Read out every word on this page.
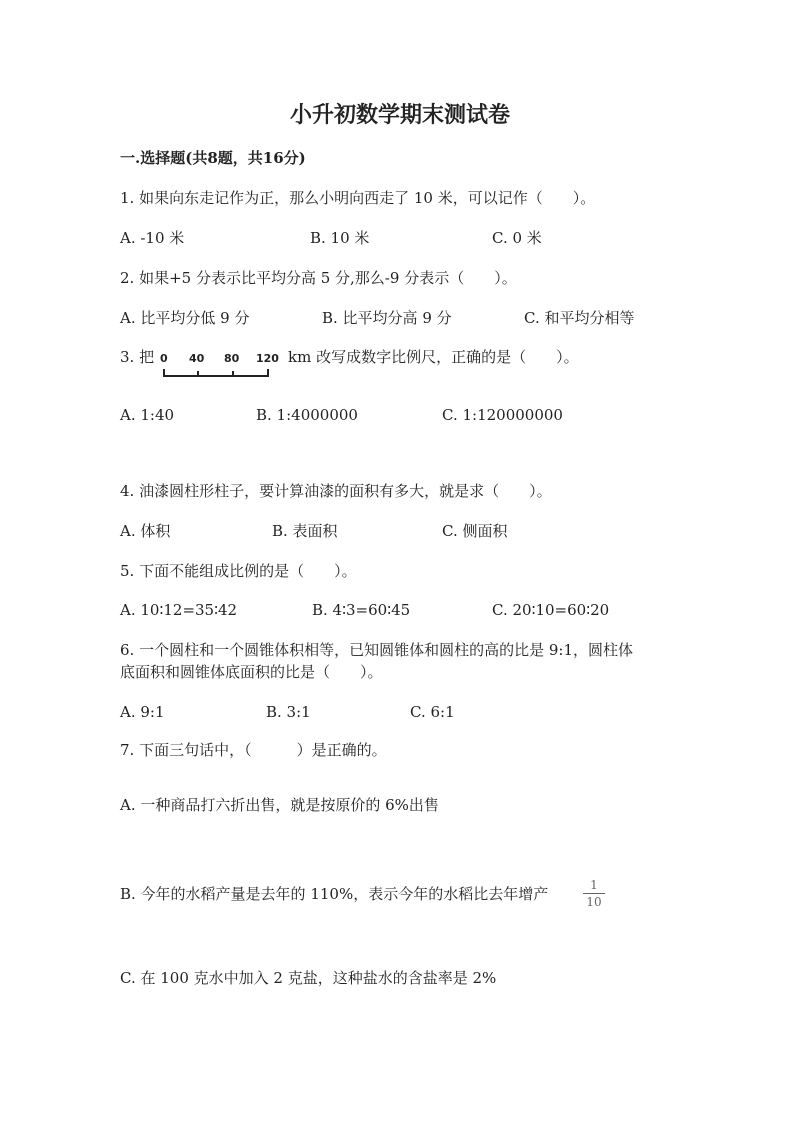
小升初数学期末测试卷
一.选择题(共8题，共16分)
1. 如果向东走记作为正，那么小明向西走了 10 米，可以记作（　　）。
A. -10 米	B. 10 米	C. 0 米
2. 如果+5 分表示比平均分高 5 分,那么-9 分表示（　　）。
A. 比平均分低 9 分	B. 比平均分高 9 分	C. 和平均分相等
3. 把 0 40 80 120 km 改写成数字比例尺，正确的是（　　）。
A. 1:40	B. 1:4000000	C. 1:120000000
4. 油漆圆柱形柱子，要计算油漆的面积有多大，就是求（　　）。
A. 体积	B. 表面积	C. 侧面积
5. 下面不能组成比例的是（　　）。
A. 10∶12=35∶42	B. 4∶3=60∶45	C. 20∶10=60∶20
6. 一个圆柱和一个圆锥体积相等，已知圆锥体和圆柱的高的比是 9:1，圆柱体
底面积和圆锥体底面积的比是（　　）。
A. 9:1	B. 3:1	C. 6:1
7. 下面三句话中，（　　　）是正确的。
A. 一种商品打六折出售，就是按原价的 6%出售
B. 今年的水稻产量是去年的 110%，表示今年的水稻比去年增产	1
10
C. 在 100 克水中加入 2 克盐，这种盐水的含盐率是 2%
